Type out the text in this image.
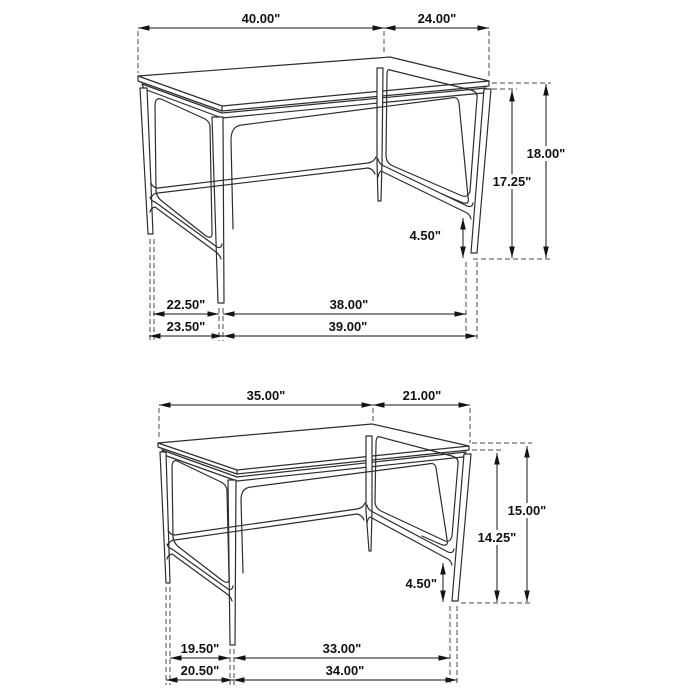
40.00"	24.00"
18.00"
17.25"
4.50"
22.50"	38.00"
23.50"	39.00"
35.00"	21.00"
15.00"
14.25"
4.50"
19.50"	33.00"
20.50"	34.00"
